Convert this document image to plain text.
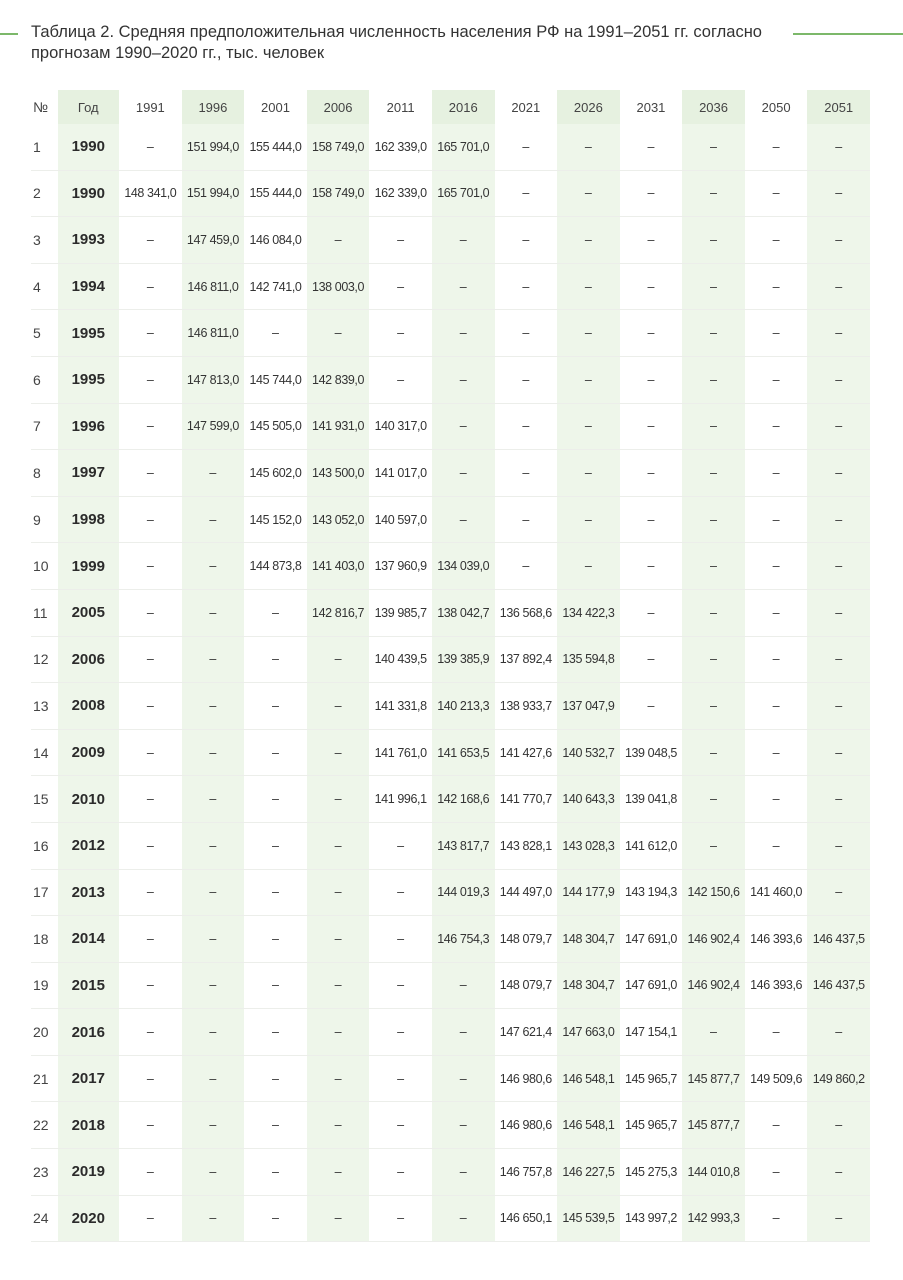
Таблица 2. Средняя предположительная численность населения РФ на 1991–2051 гг. согласно прогнозам 1990–2020 гг., тыс. человек
№	Год	1991	1996	2001	2006	2011	2016	2021	2026	2031	2036	2050	2051
1	1990	–	151 994,0	155 444,0	158 749,0	162 339,0	165 701,0	–	–	–	–	–	–
2	1990	148 341,0	151 994,0	155 444,0	158 749,0	162 339,0	165 701,0	–	–	–	–	–	–
3	1993	–	147 459,0	146 084,0	–	–	–	–	–	–	–	–	–
4	1994	–	146 811,0	142 741,0	138 003,0	–	–	–	–	–	–	–	–
5	1995	–	146 811,0	–	–	–	–	–	–	–	–	–	–
6	1995	–	147 813,0	145 744,0	142 839,0	–	–	–	–	–	–	–	–
7	1996	–	147 599,0	145 505,0	141 931,0	140 317,0	–	–	–	–	–	–	–
8	1997	–	–	145 602,0	143 500,0	141 017,0	–	–	–	–	–	–	–
9	1998	–	–	145 152,0	143 052,0	140 597,0	–	–	–	–	–	–	–
10	1999	–	–	144 873,8	141 403,0	137 960,9	134 039,0	–	–	–	–	–	–
11	2005	–	–	–	142 816,7	139 985,7	138 042,7	136 568,6	134 422,3	–	–	–	–
12	2006	–	–	–	–	140 439,5	139 385,9	137 892,4	135 594,8	–	–	–	–
13	2008	–	–	–	–	141 331,8	140 213,3	138 933,7	137 047,9	–	–	–	–
14	2009	–	–	–	–	141 761,0	141 653,5	141 427,6	140 532,7	139 048,5	–	–	–
15	2010	–	–	–	–	141 996,1	142 168,6	141 770,7	140 643,3	139 041,8	–	–	–
16	2012	–	–	–	–	–	143 817,7	143 828,1	143 028,3	141 612,0	–	–	–
17	2013	–	–	–	–	–	144 019,3	144 497,0	144 177,9	143 194,3	142 150,6	141 460,0	–
18	2014	–	–	–	–	–	146 754,3	148 079,7	148 304,7	147 691,0	146 902,4	146 393,6	146 437,5
19	2015	–	–	–	–	–	–	148 079,7	148 304,7	147 691,0	146 902,4	146 393,6	146 437,5
20	2016	–	–	–	–	–	–	147 621,4	147 663,0	147 154,1	–	–	–
21	2017	–	–	–	–	–	–	146 980,6	146 548,1	145 965,7	145 877,7	149 509,6	149 860,2
22	2018	–	–	–	–	–	–	146 980,6	146 548,1	145 965,7	145 877,7	–	–
23	2019	–	–	–	–	–	–	146 757,8	146 227,5	145 275,3	144 010,8	–	–
24	2020	–	–	–	–	–	–	146 650,1	145 539,5	143 997,2	142 993,3	–	–
